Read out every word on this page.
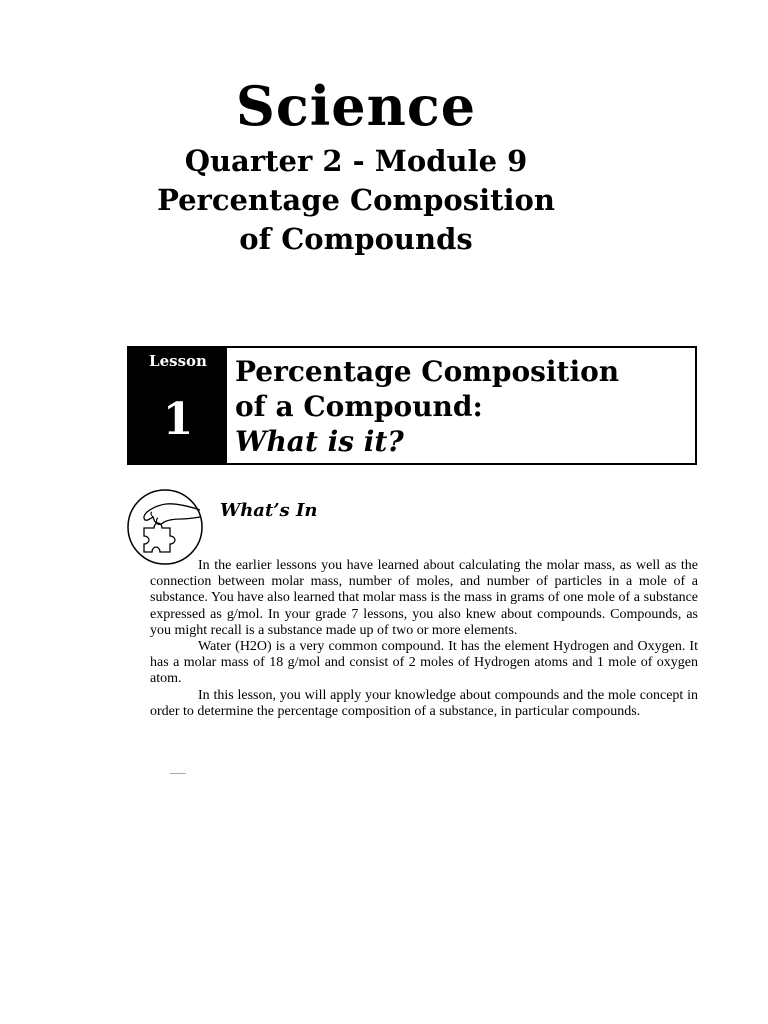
Science
Quarter 2 - Module 9
Percentage Composition
of Compounds
Lesson
1
Percentage Composition
of a Compound:
What is it?
What’s In

In the earlier lessons you have learned about calculating the molar mass, as well as the connection between molar mass, number of moles, and number of particles in a mole of a substance. You have also learned that molar mass is the mass in grams of one mole of a substance expressed as g/mol. In your grade 7 lessons, you also knew about compounds. Compounds, as you might recall is a substance made up of two or more elements.

Water (H2O) is a very common compound. It has the element Hydrogen and Oxygen. It has a molar mass of 18 g/mol and consist of 2 moles of Hydrogen atoms and 1 mole of oxygen atom.

In this lesson, you will apply your knowledge about compounds and the mole concept in order to determine the percentage composition of a substance, in particular compounds.
